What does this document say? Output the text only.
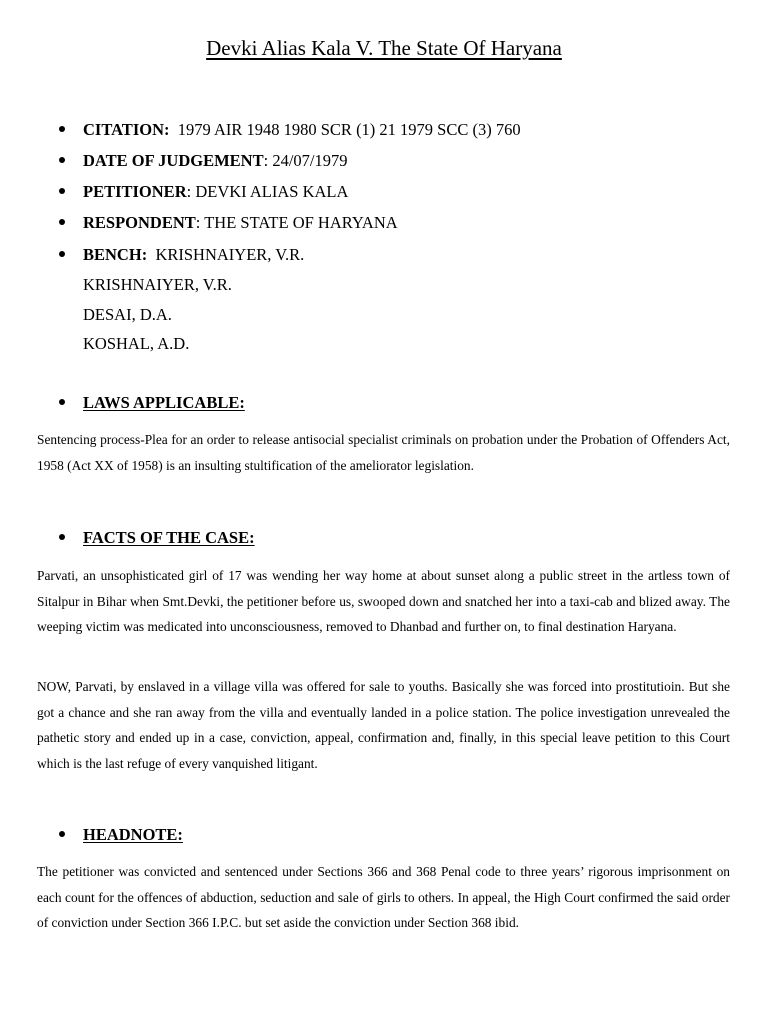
Devki Alias Kala V. The State Of Haryana
CITATION: 1979 AIR 1948 1980 SCR (1) 21 1979 SCC (3) 760
DATE OF JUDGEMENT: 24/07/1979
PETITIONER: DEVKI ALIAS KALA
RESPONDENT: THE STATE OF HARYANA
BENCH: KRISHNAIYER, V.R.
KRISHNAIYER, V.R.
DESAI, D.A.
KOSHAL, A.D.
LAWS APPLICABLE:

Sentencing process-Plea for an order to release antisocial specialist criminals on probation under the Probation of Offenders Act, 1958 (Act XX of 1958) is an insulting stultification of the ameliorator legislation.

FACTS OF THE CASE:

Parvati, an unsophisticated girl of 17 was wending her way home at about sunset along a public street in the artless town of Sitalpur in Bihar when Smt.Devki, the petitioner before us, swooped down and snatched her into a taxi-cab and blized away. The weeping victim was medicated into unconsciousness, removed to Dhanbad and further on, to final destination Haryana.

NOW, Parvati, by enslaved in a village villa was offered for sale to youths. Basically she was forced into prostitutioin. But she got a chance and she ran away from the villa and eventually landed in a police station. The police investigation unrevealed the pathetic story and ended up in a case, conviction, appeal, confirmation and, finally, in this special leave petition to this Court which is the last refuge of every vanquished litigant.

HEADNOTE:

The petitioner was convicted and sentenced under Sections 366 and 368 Penal code to three years’ rigorous imprisonment on each count for the offences of abduction, seduction and sale of girls to others. In appeal, the High Court confirmed the said order of conviction under Section 366 I.P.C. but set aside the conviction under Section 368 ibid.
